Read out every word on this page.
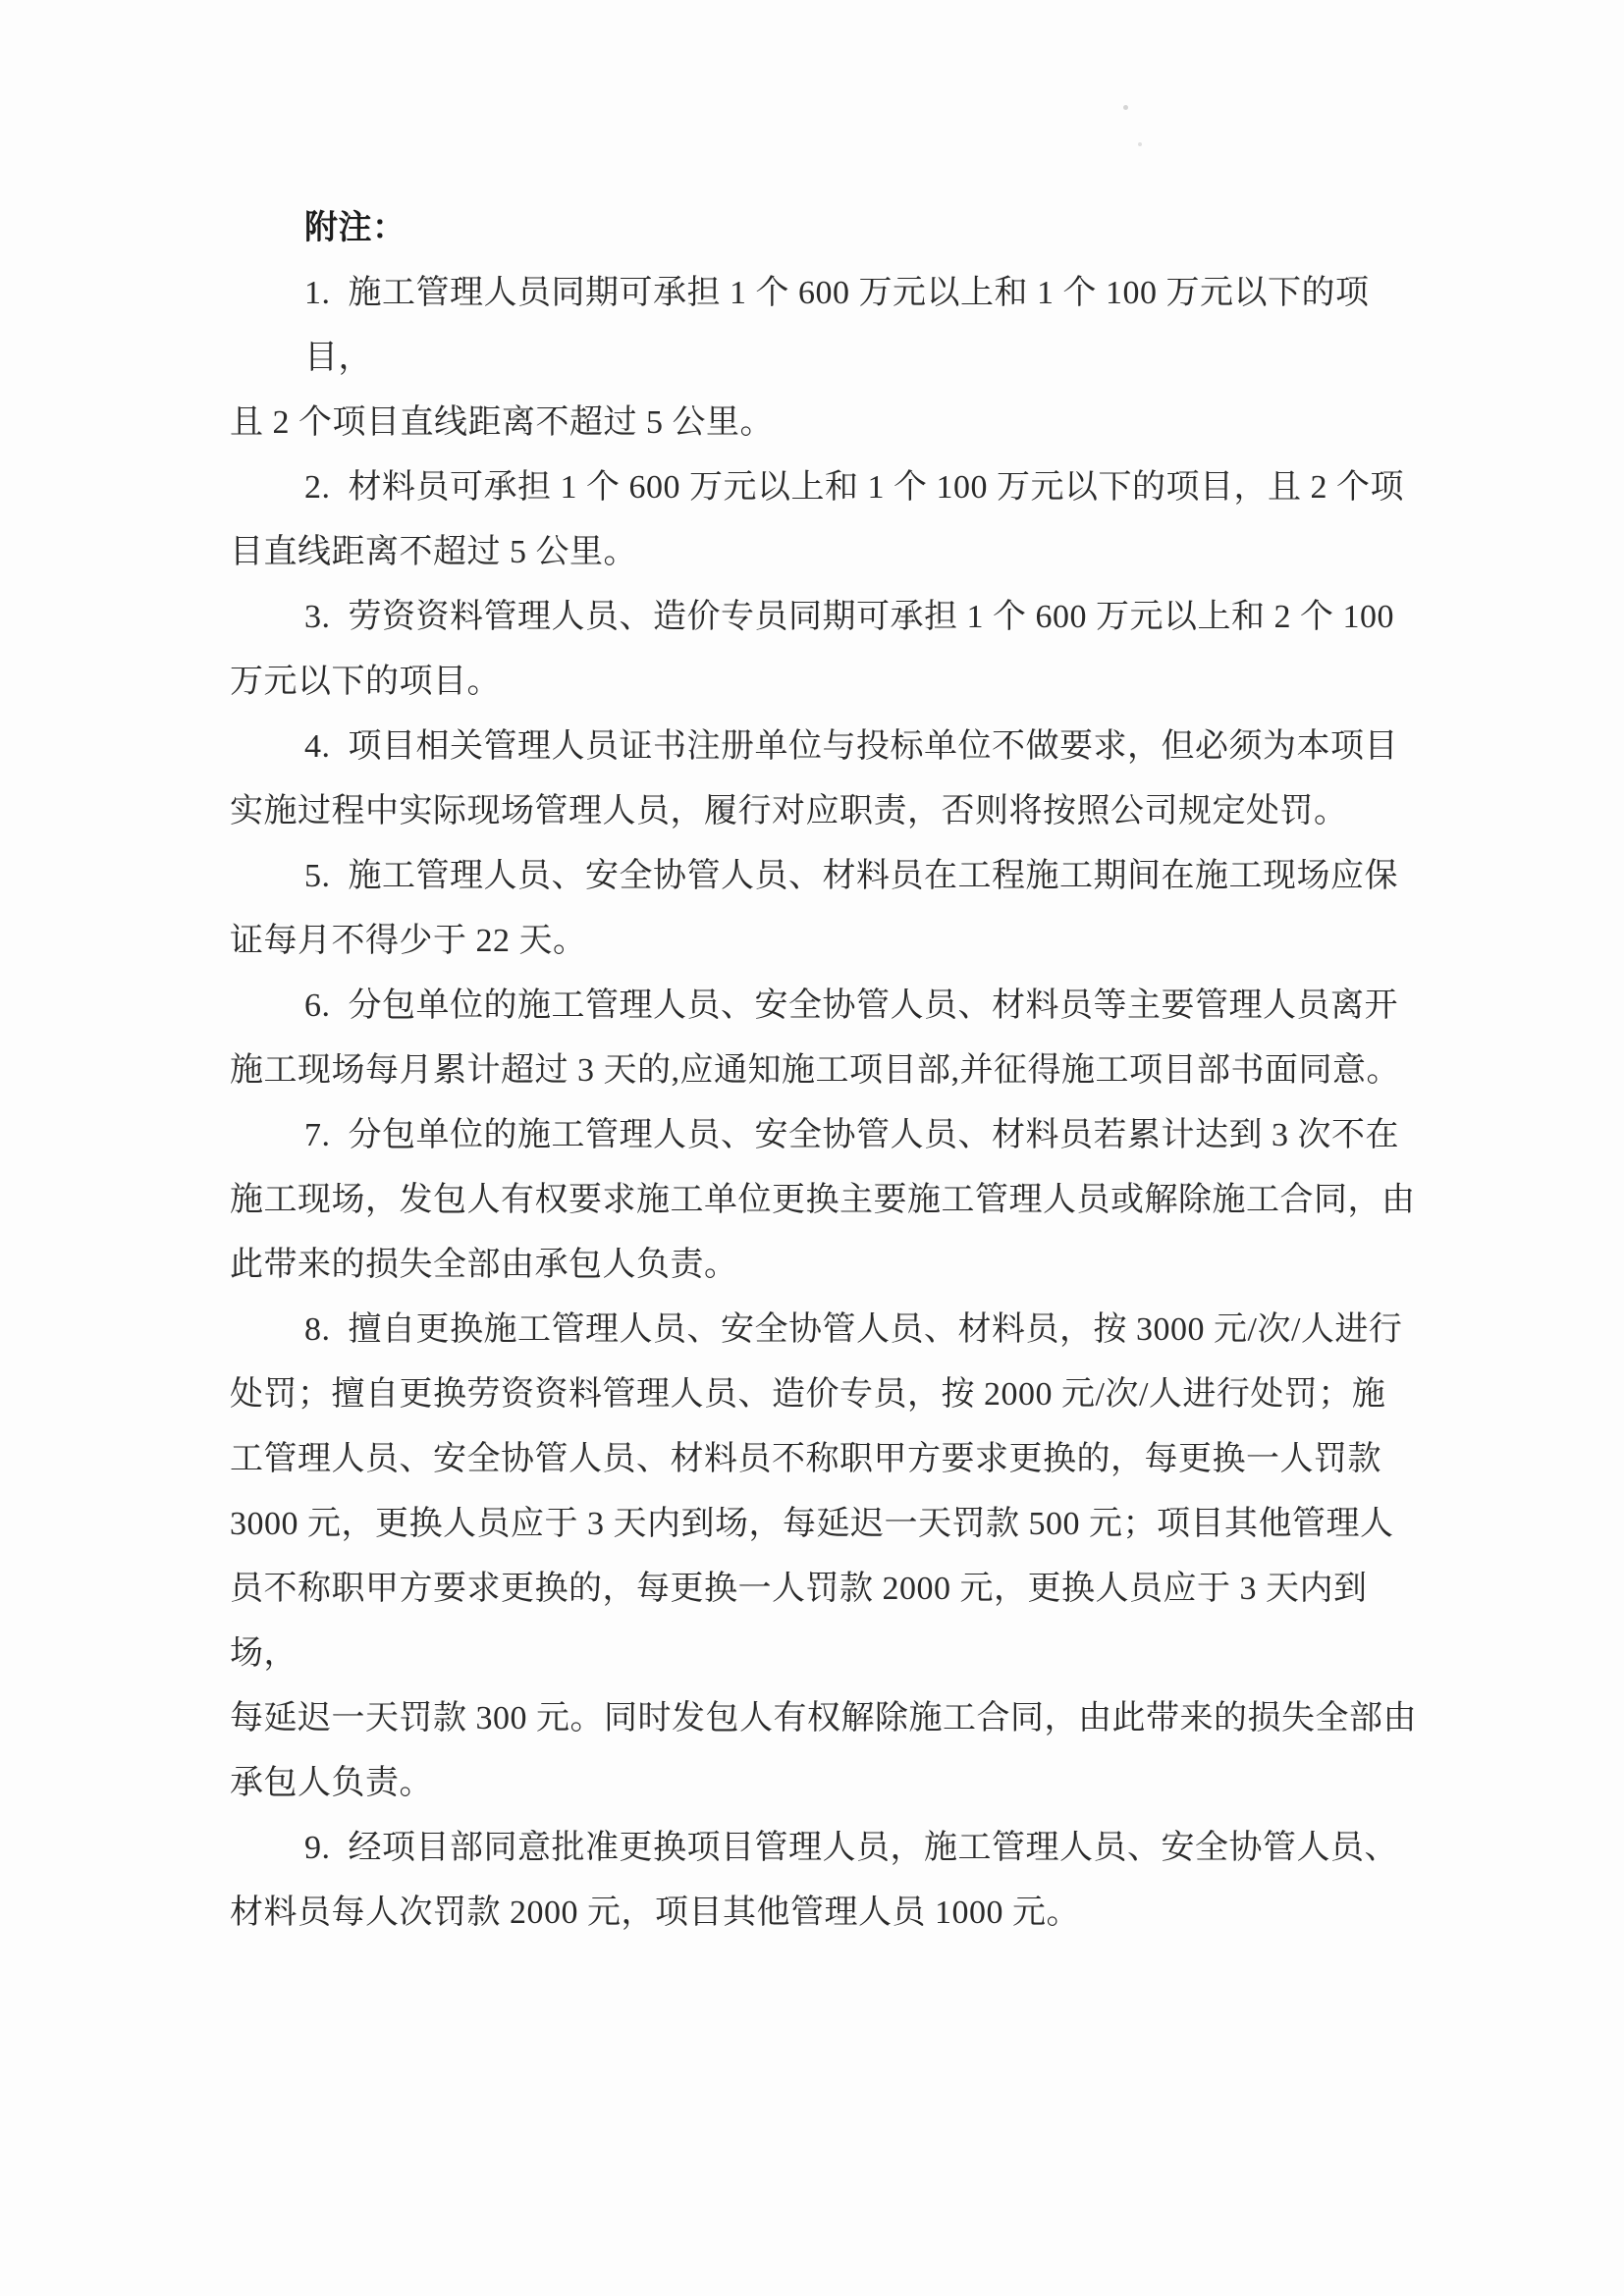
附注：
1.  施工管理人员同期可承担 1 个 600 万元以上和 1 个 100 万元以下的项目，
且 2 个项目直线距离不超过 5 公里。
2.  材料员可承担 1 个 600 万元以上和 1 个 100 万元以下的项目，且 2 个项
目直线距离不超过 5 公里。
3.  劳资资料管理人员、造价专员同期可承担 1 个 600 万元以上和 2 个 100
万元以下的项目。
4.  项目相关管理人员证书注册单位与投标单位不做要求，但必须为本项目
实施过程中实际现场管理人员，履行对应职责，否则将按照公司规定处罚。
5.  施工管理人员、安全协管人员、材料员在工程施工期间在施工现场应保
证每月不得少于 22 天。
6.  分包单位的施工管理人员、安全协管人员、材料员等主要管理人员离开
施工现场每月累计超过 3 天的,应通知施工项目部,并征得施工项目部书面同意。
7.  分包单位的施工管理人员、安全协管人员、材料员若累计达到 3 次不在
施工现场，发包人有权要求施工单位更换主要施工管理人员或解除施工合同，由
此带来的损失全部由承包人负责。
8.  擅自更换施工管理人员、安全协管人员、材料员，按 3000 元/次/人进行
处罚；擅自更换劳资资料管理人员、造价专员，按 2000 元/次/人进行处罚；施
工管理人员、安全协管人员、材料员不称职甲方要求更换的，每更换一人罚款
3000 元，更换人员应于 3 天内到场，每延迟一天罚款 500 元；项目其他管理人
员不称职甲方要求更换的，每更换一人罚款 2000 元，更换人员应于 3 天内到场，
每延迟一天罚款 300 元。同时发包人有权解除施工合同，由此带来的损失全部由
承包人负责。
9.  经项目部同意批准更换项目管理人员，施工管理人员、安全协管人员、
材料员每人次罚款 2000 元，项目其他管理人员 1000 元。
